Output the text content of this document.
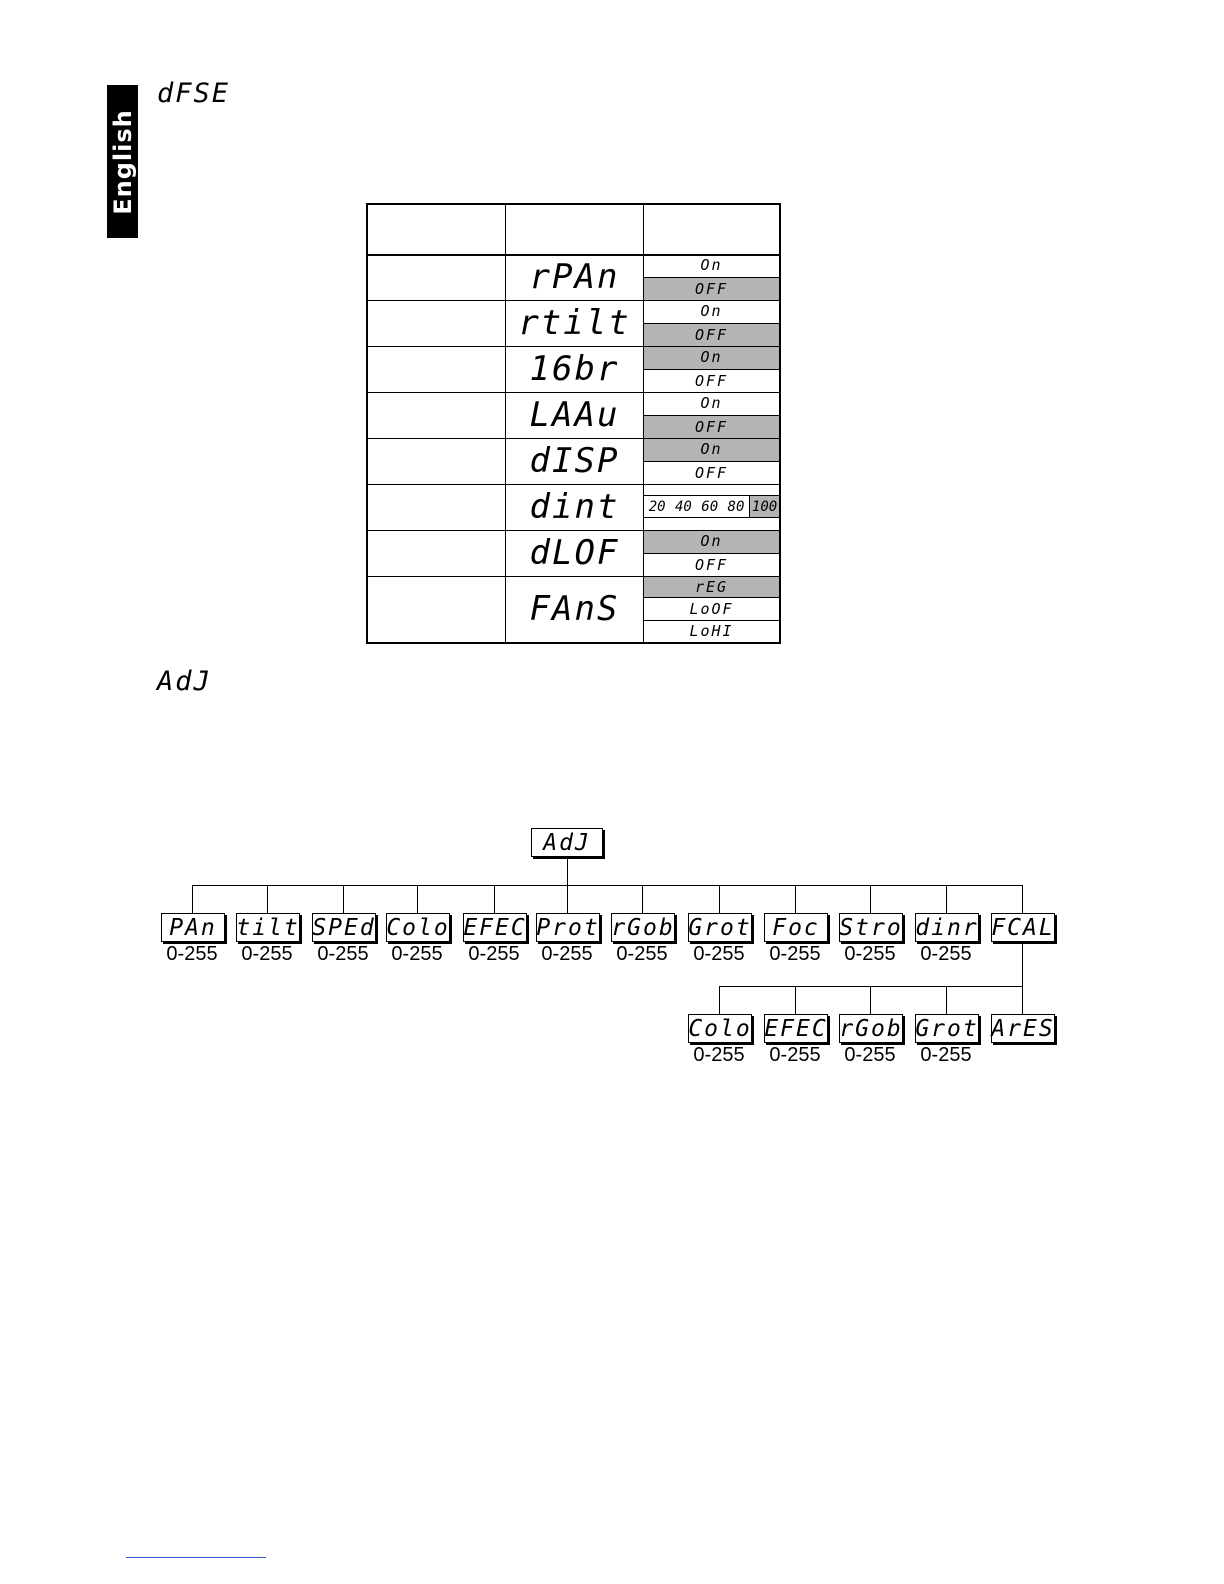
English
dFSE
rPAn	On
OFF
rtilt	On
OFF
16br	On
OFF
LAAu	On
OFF
dISP	On
OFF
dint	20 40 60 80 100
dLOF	On
OFF
FAnS
rEG
LoOF
LoHI
AdJ
AdJ
PAn
0-255
tilt
0-255
SPEd
0-255
Colo
0-255
EFEC
0-255
Prot
0-255
rGob
0-255
Grot
0-255
Foc
0-255
Stro
0-255
dinr
0-255
FCAL
Colo
0-255
EFEC
0-255
rGob
0-255
Grot
0-255
ArES
